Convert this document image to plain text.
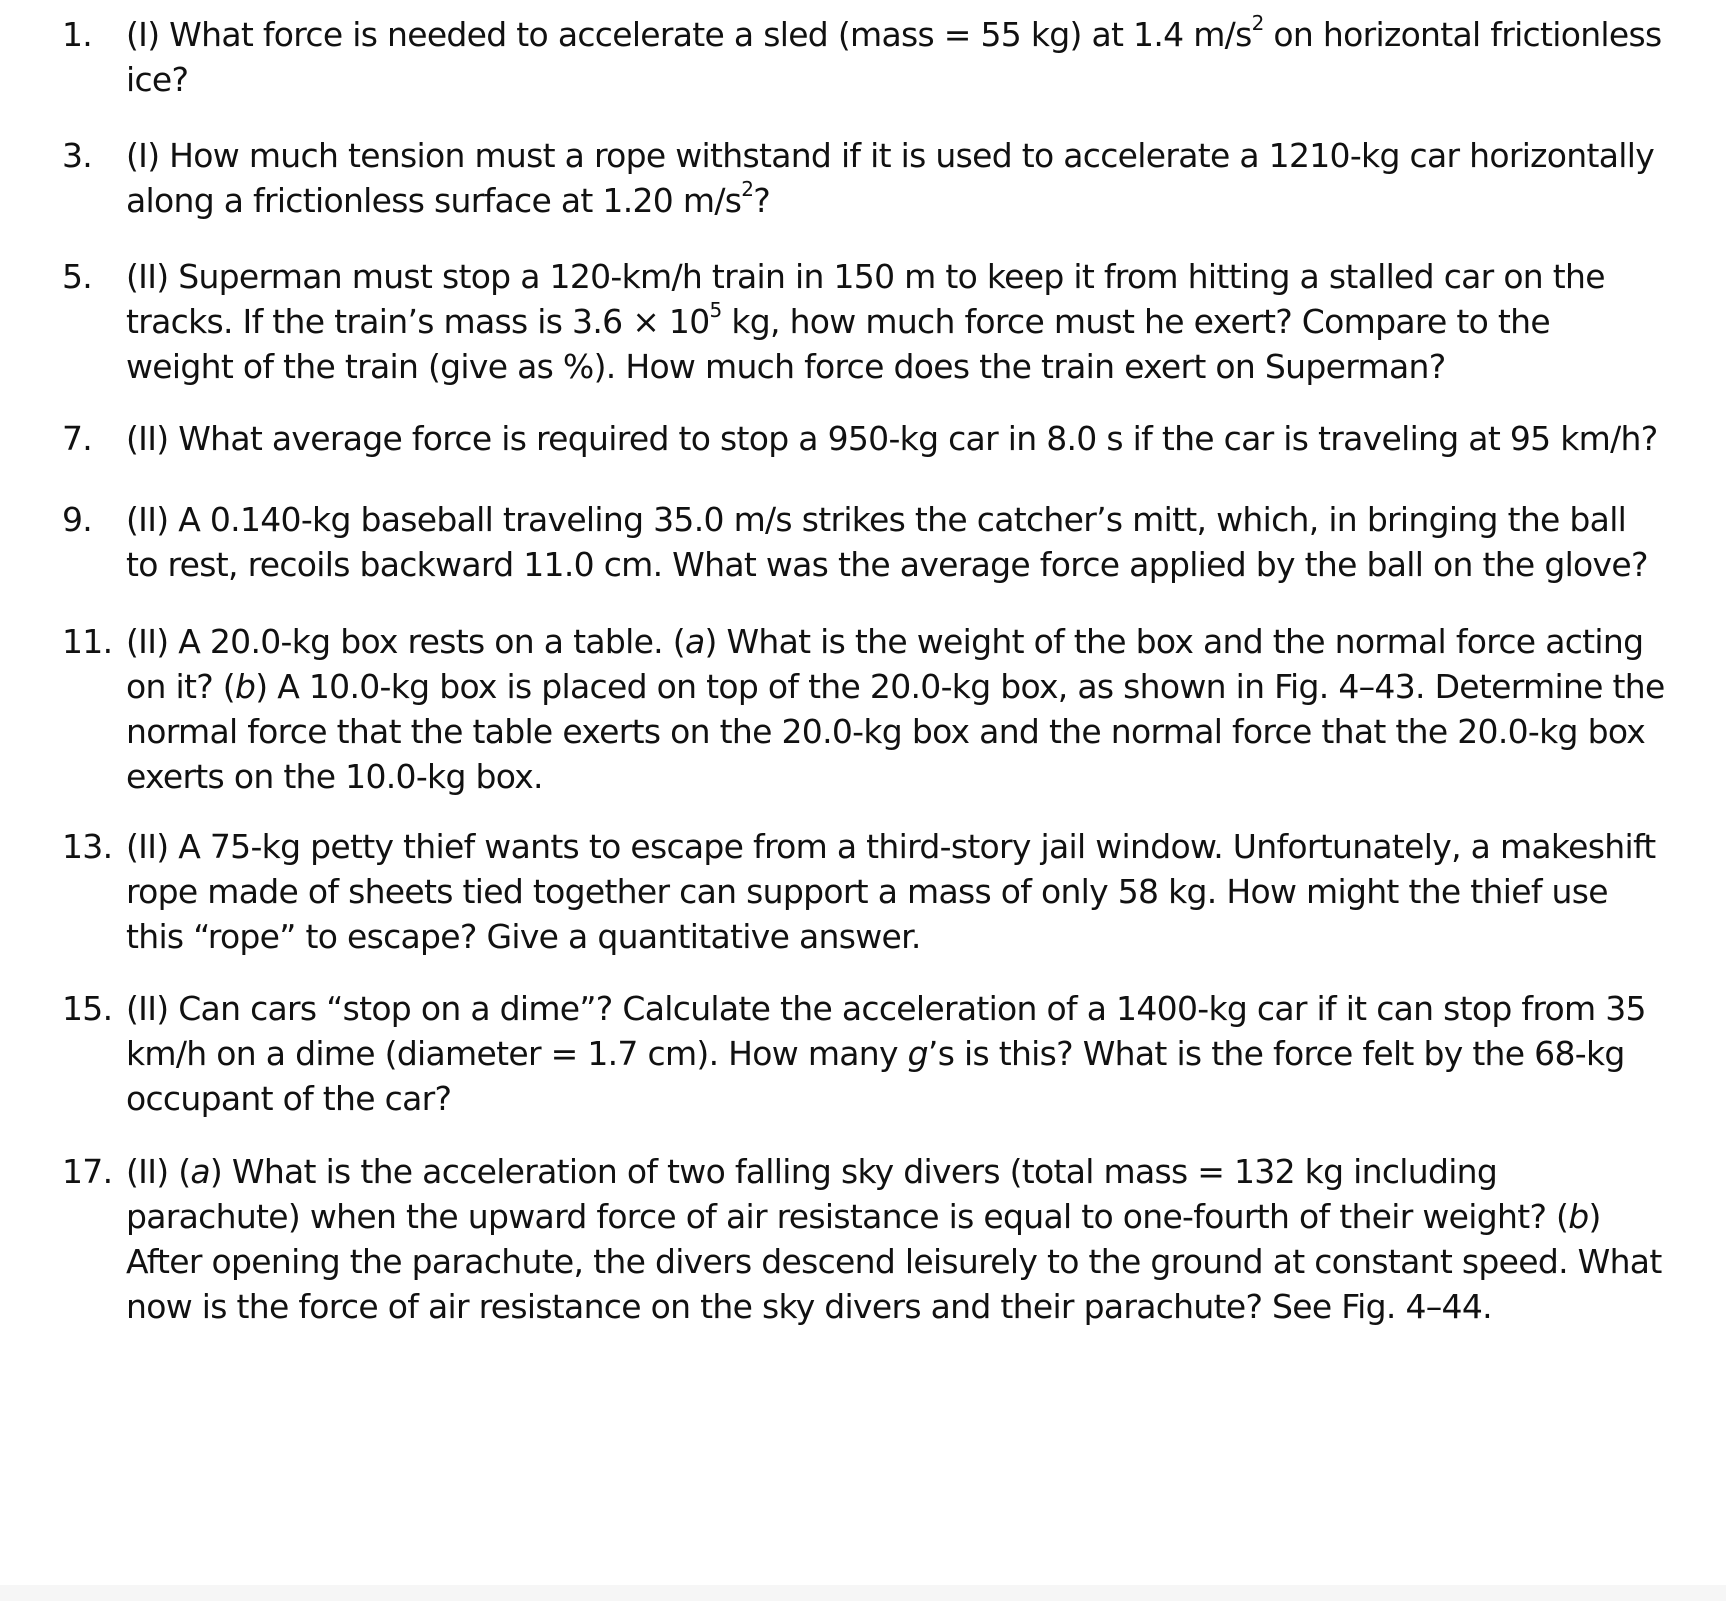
1.	(I) What force is needed to accelerate a sled (mass = 55 kg) at 1.4 $m/s^2$ on horizontal frictionless ice?
3.	(I) How much tension must a rope withstand if it is used to accelerate a 1210-kg car horizontally along a frictionless surface at 1.20 $m/s^2$?
5.	(II) Superman must stop a 120-km/h train in 150 m to keep it from hitting a stalled car on the tracks. If the train’s mass is $3.6 \times 10^5$ kg, how much force must he exert? Compare to the weight of the train (give as %). How much force does the train exert on Superman?
7.	(II) What average force is required to stop a 950-kg car in 8.0 s if the car is traveling at 95 km/h?
9.	(II) A 0.140-kg baseball traveling 35.0 m/s strikes the catcher’s mitt, which, in bringing the ball to rest, recoils backward 11.0 cm. What was the average force applied by the ball on the glove?
11. (II) A 20.0-kg box rests on a table. (a) What is the weight of the box and the normal force acting on it? (b) A 10.0-kg box is placed on top of the 20.0-kg box, as shown in Fig. 4–43. Determine the normal force that the table exerts on the 20.0-kg box and the normal force that the 20.0-kg box exerts on the 10.0-kg box.
13. (II) A 75-kg petty thief wants to escape from a third-story jail window. Unfortunately, a makeshift rope made of sheets tied together can support a mass of only 58 kg. How might the thief use this “rope” to escape? Give a quantitative answer.
15. (II) Can cars “stop on a dime”? Calculate the acceleration of a 1400-kg car if it can stop from 35 km/h on a dime (diameter = 1.7 cm). How many g’s is this? What is the force felt by the 68-kg occupant of the car?
17. (II) (a) What is the acceleration of two falling sky divers (total mass = 132 kg including parachute) when the upward force of air resistance is equal to one-fourth of their weight? (b) After opening the parachute, the divers descend leisurely to the ground at constant speed. What now is the force of air resistance on the sky divers and their parachute? See Fig. 4–44.
